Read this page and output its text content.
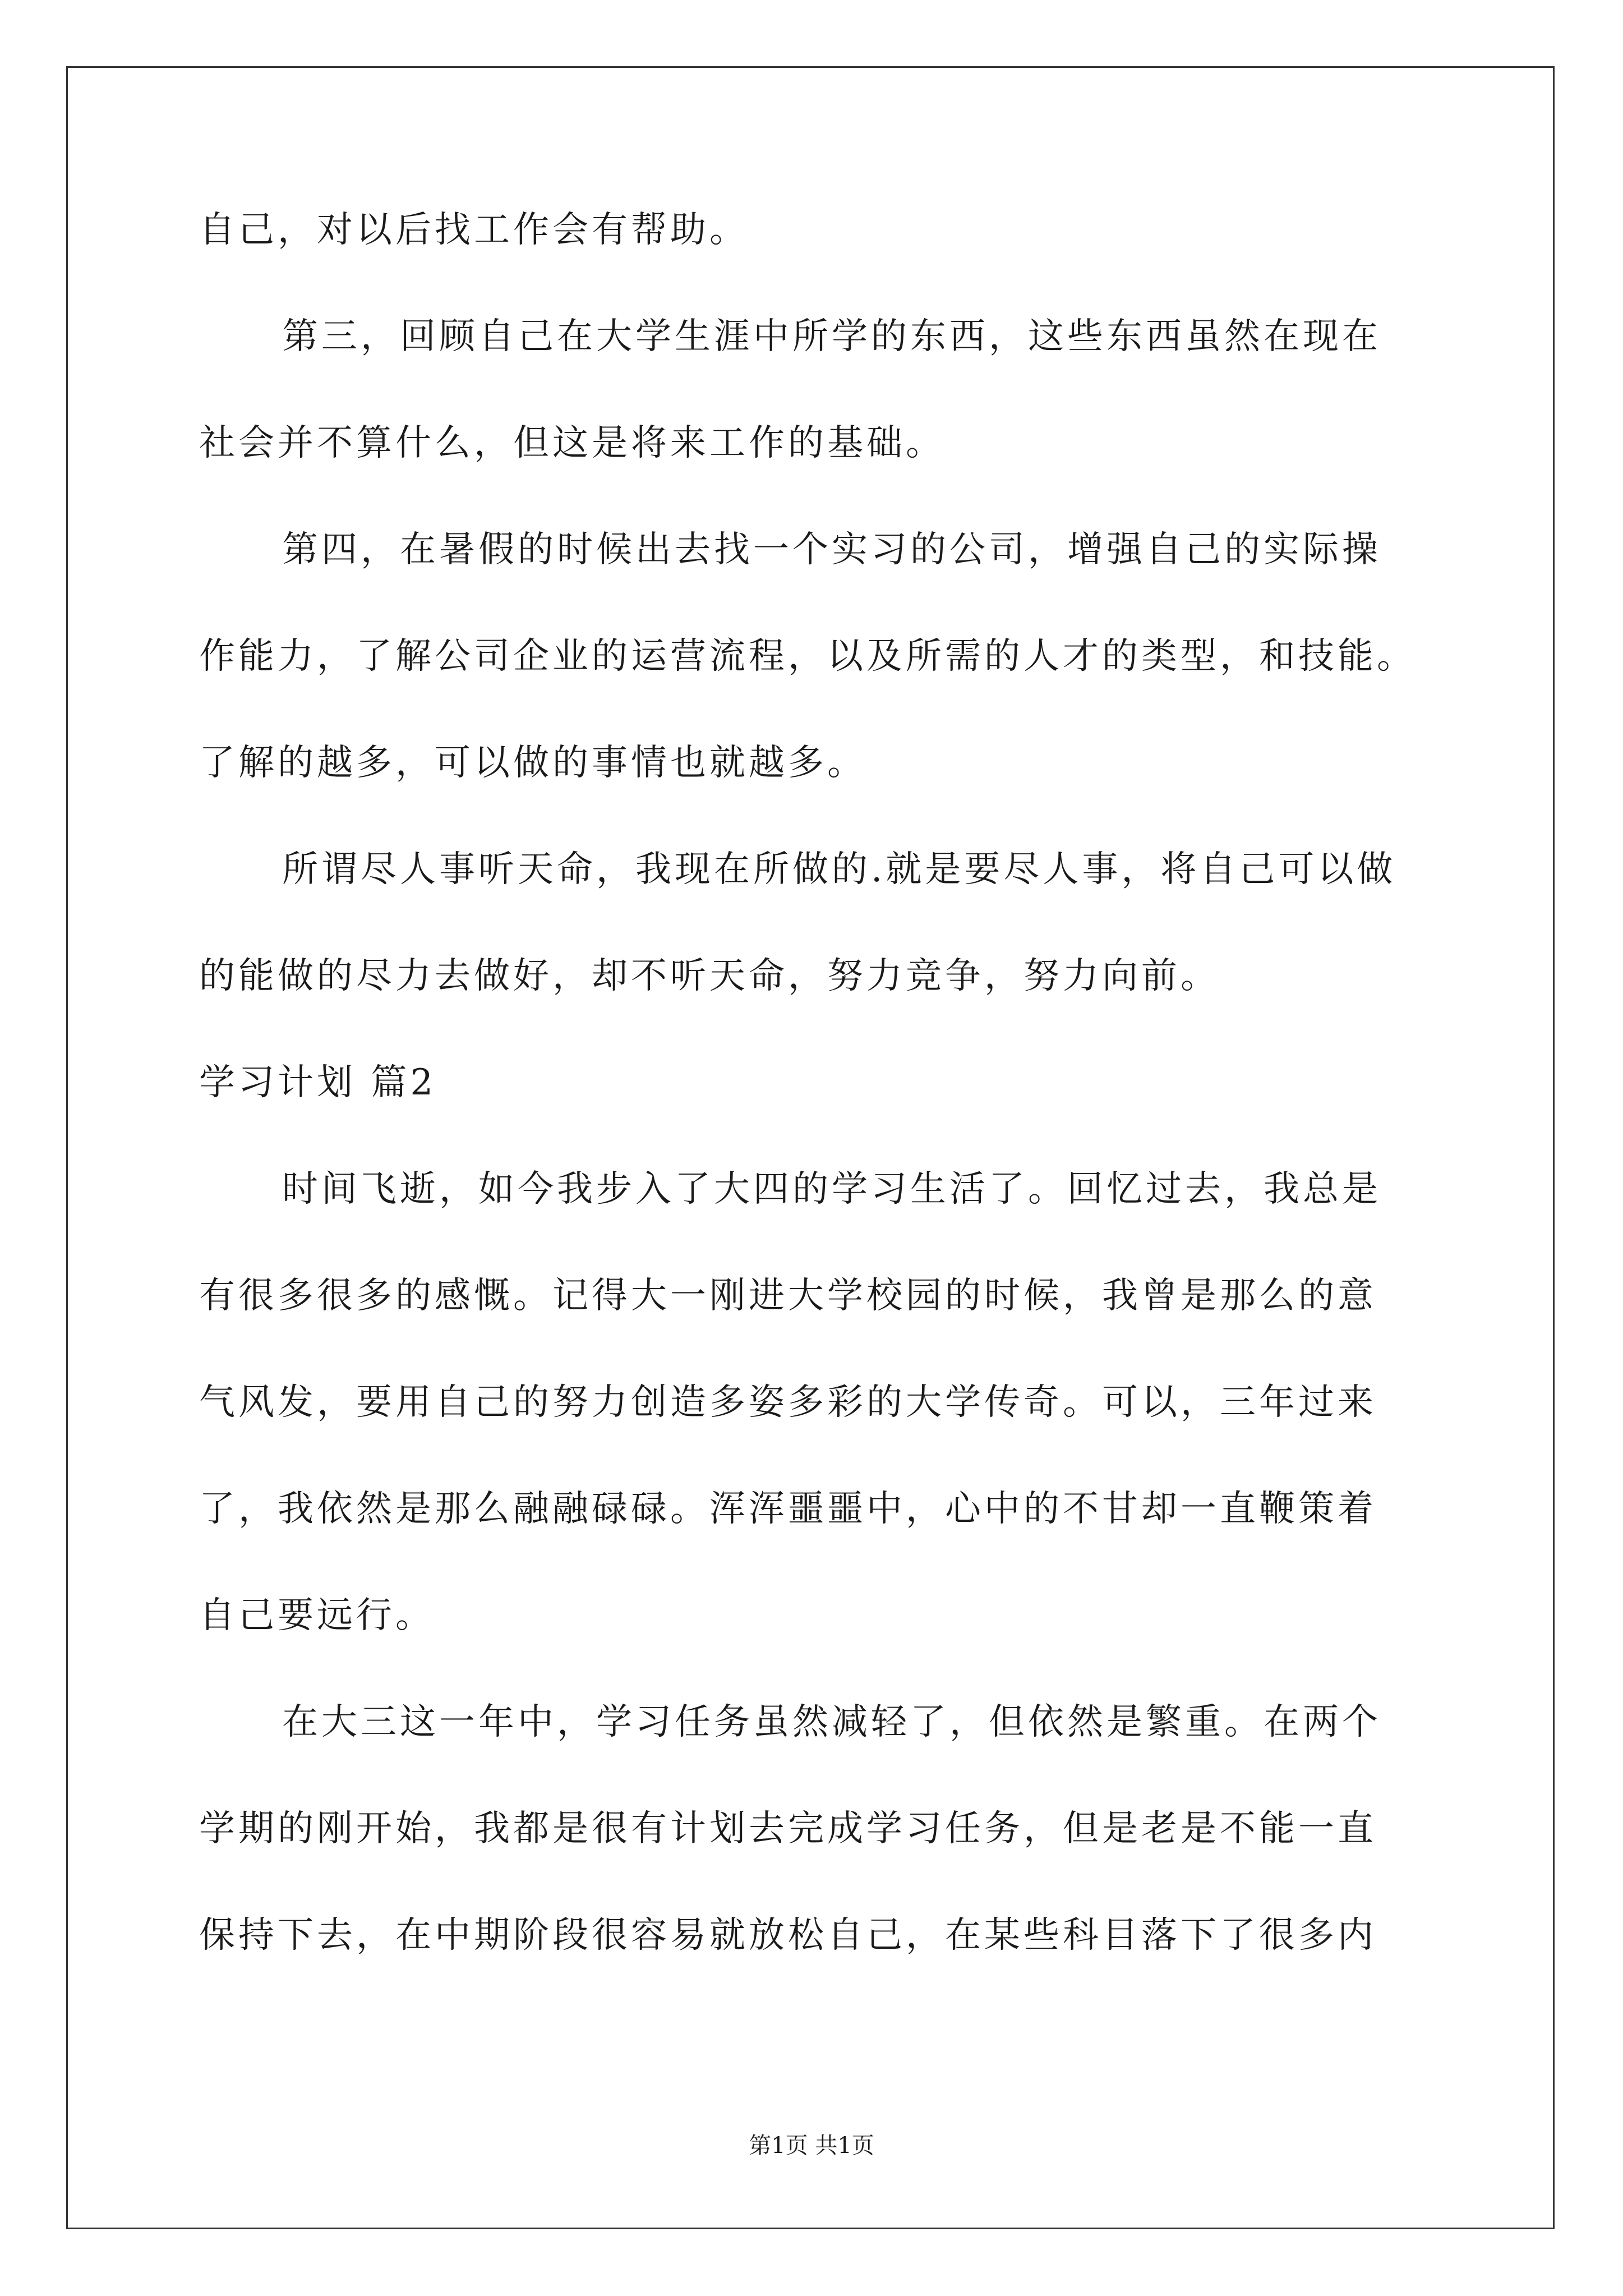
自己，对以后找工作会有帮助。
第三，回顾自己在大学生涯中所学的东西，这些东西虽然在现在
社会并不算什么，但这是将来工作的基础。
第四，在暑假的时候出去找一个实习的公司，增强自己的实际操
作能力，了解公司企业的运营流程，以及所需的人才的类型，和技能。
了解的越多，可以做的事情也就越多。
所谓尽人事听天命，我现在所做的.就是要尽人事，将自己可以做
的能做的尽力去做好，却不听天命，努力竞争，努力向前。
学习计划 篇2
时间飞逝，如今我步入了大四的学习生活了。回忆过去，我总是
有很多很多的感慨。记得大一刚进大学校园的时候，我曾是那么的意
气风发，要用自己的努力创造多姿多彩的大学传奇。可以，三年过来
了，我依然是那么融融碌碌。浑浑噩噩中，心中的不甘却一直鞭策着
自己要远行。
在大三这一年中，学习任务虽然减轻了，但依然是繁重。在两个
学期的刚开始，我都是很有计划去完成学习任务，但是老是不能一直
保持下去，在中期阶段很容易就放松自己，在某些科目落下了很多内
第1页 共1页
